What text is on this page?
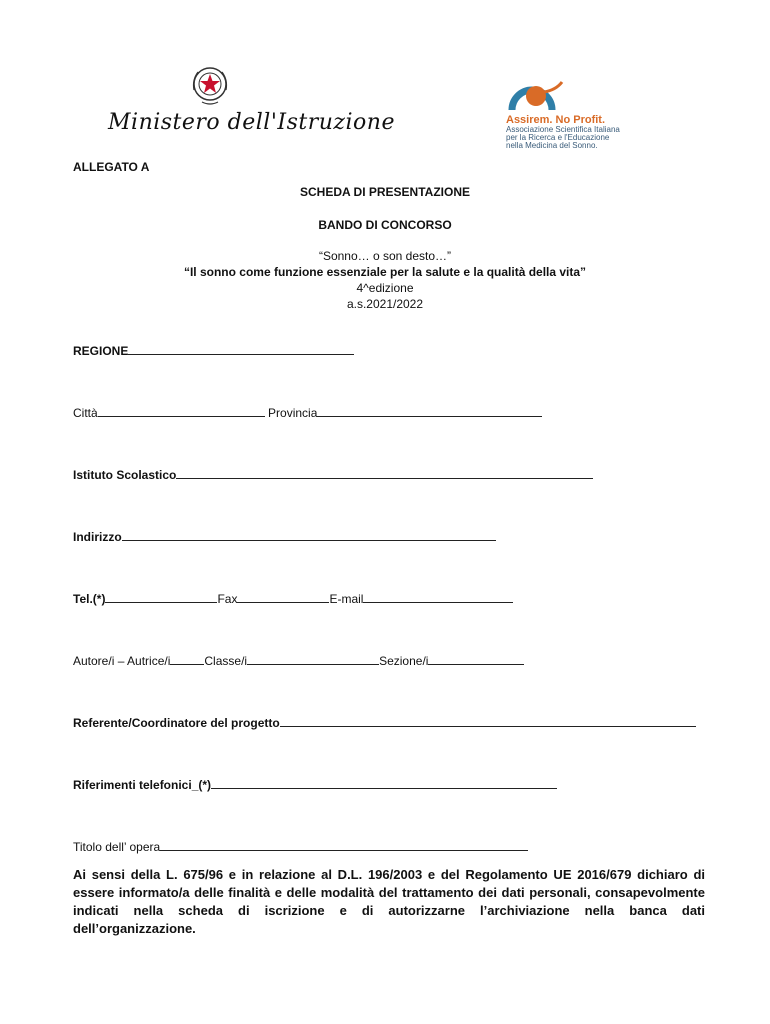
Ministero dell'Istruzione	Assirem. No Profit.
Associazione Scientifica Italiana
per la Ricerca e l'Educazione
nella Medicina del Sonno.
ALLEGATO A
SCHEDA DI PRESENTAZIONE
BANDO DI CONCORSO
“Sonno… o son desto…”
“Il sonno come funzione essenziale per la salute e la qualità della vita”
4^edizione
a.s.2021/2022
REGIONE
Città	Provincia
Istituto Scolastico
Indirizzo
Tel.(*)	Fax	E-mail
Autore/i – Autrice/i	Classe/i	Sezione/i
Referente/Coordinatore del progetto
Riferimenti telefonici_(*)
Titolo dell’ opera
Ai sensi della L. 675/96 e in relazione al D.L. 196/2003 e del Regolamento UE 2016/679 dichiaro di essere informato/a delle finalità e delle modalità del trattamento dei dati personali, consapevolmente indicati nella scheda di iscrizione e di autorizzarne l’archiviazione nella banca dati dell’organizzazione.
